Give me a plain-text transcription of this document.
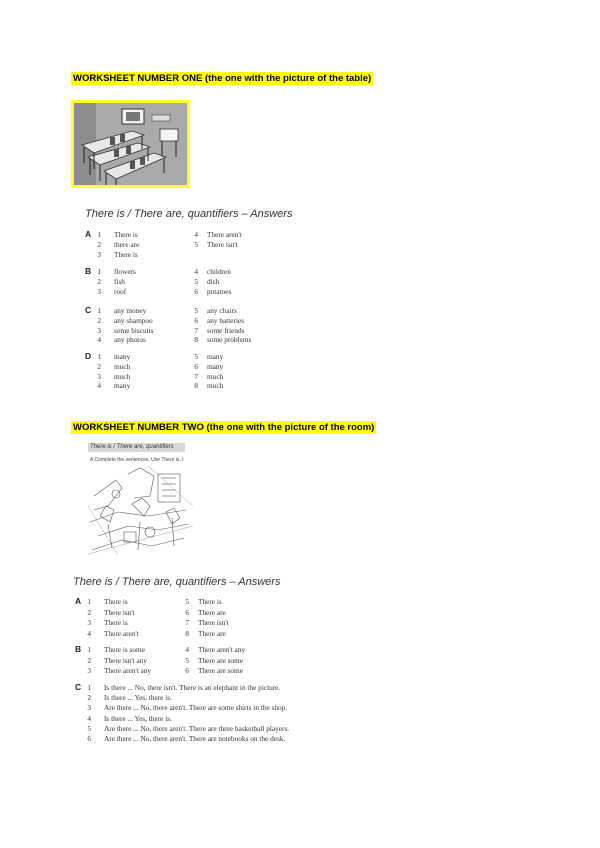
WORKSHEET NUMBER ONE (the one with the picture of the table)
There is / There are, quantifiers – Answers
WORKSHEET NUMBER TWO (the one with the picture of the room)
There is / There are, quantifiers
A Complete the sentences. Use There is, t
There is / There are, quantifiers – Answers
A 1 There is
2 there are
3 There is
4 There aren't
5 There isn't
B 1 flowers
2 fish
3 roof
4 children
5 dish
6 potatoes
C 1 any money
2 any shampoo
3 some biscuits
4 any photos
5 any chairs
6 any batteries
7 some friends
8 some problems
D 1 many
2 much
3 much
4 many
5 many
6 many
7 much
8 much
A 1 There is
2 There isn't
3 There is
4 There aren't
5 There is
6 There are
7 There isn't
8 There are
B 1 There is some
2 There isn't any
3 There aren't any
4 There aren't any
5 There are some
6 There are some
C 1 Is there ... No, there isn't. There is an elephant in the picture.
2 Is there ... Yes, there is.
3 Are there ... No, there aren't. There are some shirts in the shop.
4 Is there ... Yes, there is.
5 Are there ... No, there aren't. There are three basketball players.
6 Are there ... No, there aren't. There are notebooks on the desk.
